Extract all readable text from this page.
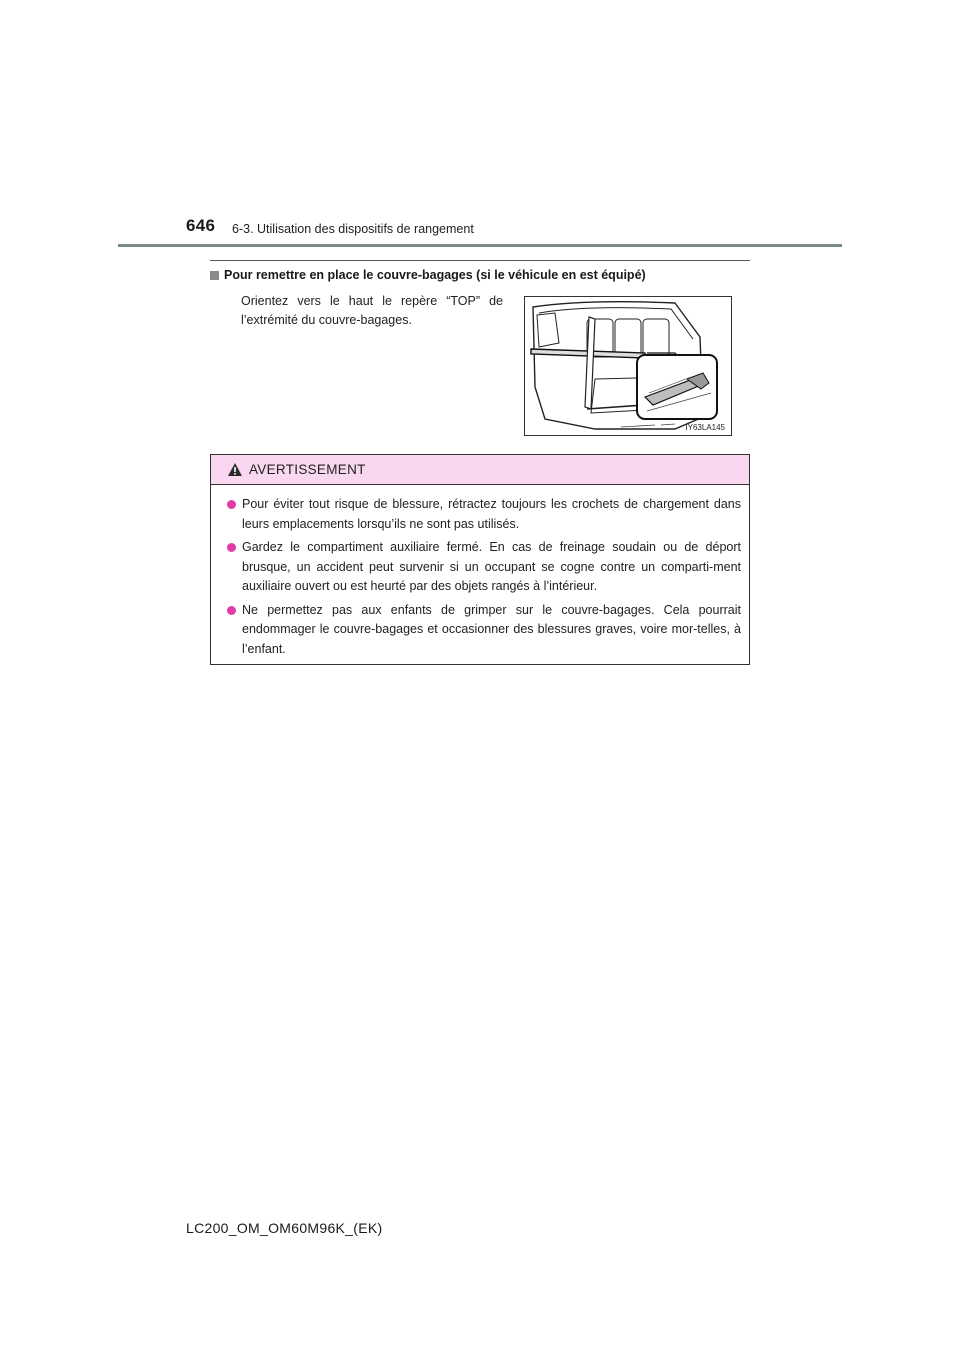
646 6-3. Utilisation des dispositifs de rangement
Pour remettre en place le couvre-bagages (si le véhicule en est équipé)
Orientez vers le haut le repère “TOP” de l’extrémité du couvre-bagages.
IY63LA145
AVERTISSEMENT
Pour éviter tout risque de blessure, rétractez toujours les crochets de chargement dans leurs emplacements lorsqu’ils ne sont pas utilisés.
Gardez le compartiment auxiliaire fermé. En cas de freinage soudain ou de déport brusque, un accident peut survenir si un occupant se cogne contre un comparti-ment auxiliaire ouvert ou est heurté par des objets rangés à l’intérieur.
Ne permettez pas aux enfants de grimper sur le couvre-bagages. Cela pourrait endommager le couvre-bagages et occasionner des blessures graves, voire mor-telles, à l’enfant.
LC200_OM_OM60M96K_(EK)
